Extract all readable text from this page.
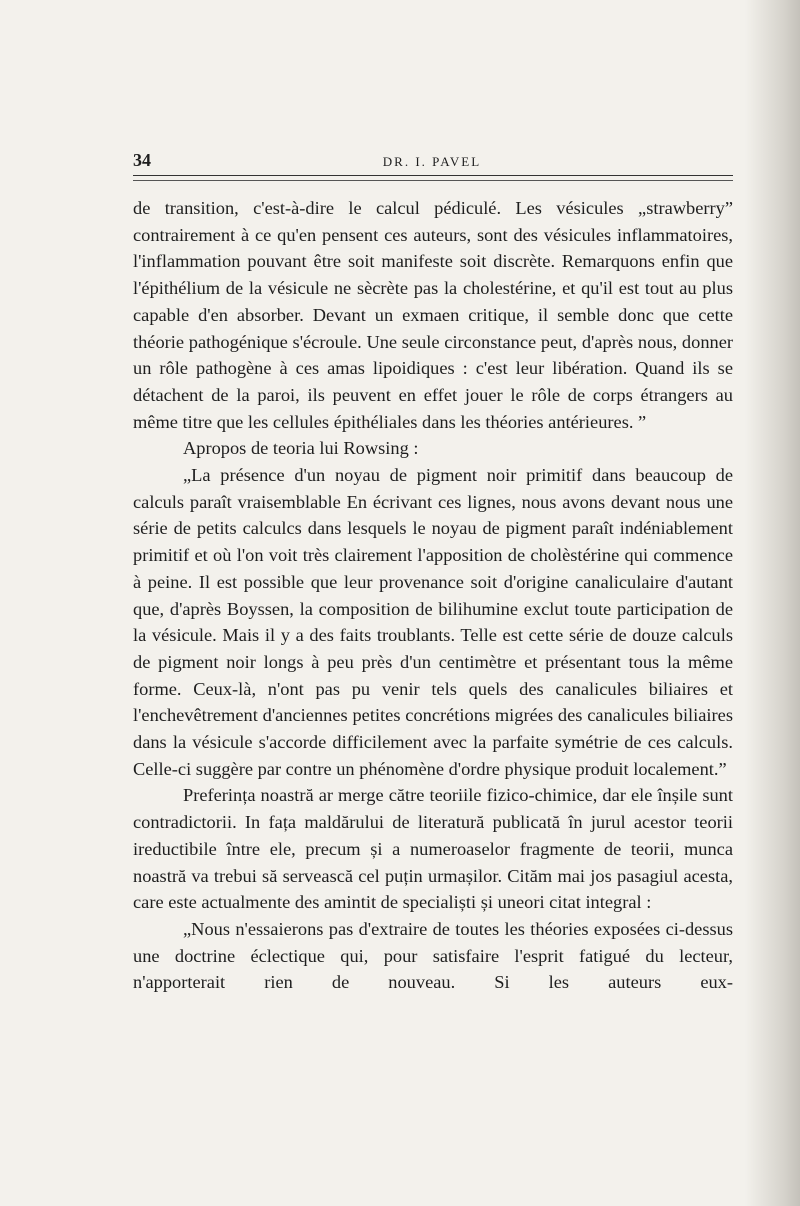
34	DR. I. PAVEL

de transition, c'est-à-dire le calcul pédiculé. Les vésicules „strawberry” contrairement à ce qu'en pensent ces auteurs, sont des vésicules inflammatoires, l'inflammation pouvant être soit manifeste soit discrète. Remarquons enfin que l'épithélium de la vésicule ne sècrète pas la cholestérine, et qu'il est tout au plus capable d'en absorber. Devant un exmaen critique, il semble donc que cette théorie pathogénique s'écroule. Une seule circonstance peut, d'après nous, donner un rôle pathogène à ces amas lipoidiques : c'est leur libération. Quand ils se détachent de la paroi, ils peuvent en effet jouer le rôle de corps étrangers au même titre que les cellules épithéliales dans les théories antérieures. ”

Apropos de teoria lui Rowsing :

„La présence d'un noyau de pigment noir primitif dans beaucoup de calculs paraît vraisemblable En écrivant ces lignes, nous avons devant nous une série de petits calculcs dans lesquels le noyau de pigment paraît indéniablement primitif et où l'on voit très clairement l'apposition de cholèstérine qui commence à peine. Il est possible que leur provenance soit d'origine canaliculaire d'autant que, d'après Boyssen, la composition de bilihumine exclut toute participation de la vésicule. Mais il y a des faits troublants. Telle est cette série de douze calculs de pigment noir longs à peu près d'un centimètre et présentant tous la même forme. Ceux-là, n'ont pas pu venir tels quels des canalicules biliaires et l'enchevêtrement d'anciennes petites concrétions migrées des canalicules biliaires dans la vésicule s'accorde difficilement avec la parfaite symétrie de ces calculs. Celle-ci suggère par contre un phénomène d'ordre physique produit localement.”

Preferința noastră ar merge către teoriile fizico-chimice, dar ele înșile sunt contradictorii. In fața maldărului de literatură publicată în jurul acestor teorii ireductibile între ele, precum și a numeroaselor fragmente de teorii, munca noastră va trebui să servească cel puțin urmașilor. Cităm mai jos pasagiul acesta, care este actualmente des amintit de specialiști și uneori citat integral :

„Nous n'essaierons pas d'extraire de toutes les théories exposées ci-dessus une doctrine éclectique qui, pour satisfaire l'esprit fatigué du lecteur, n'apporterait rien de nouveau. Si les auteurs eux-
